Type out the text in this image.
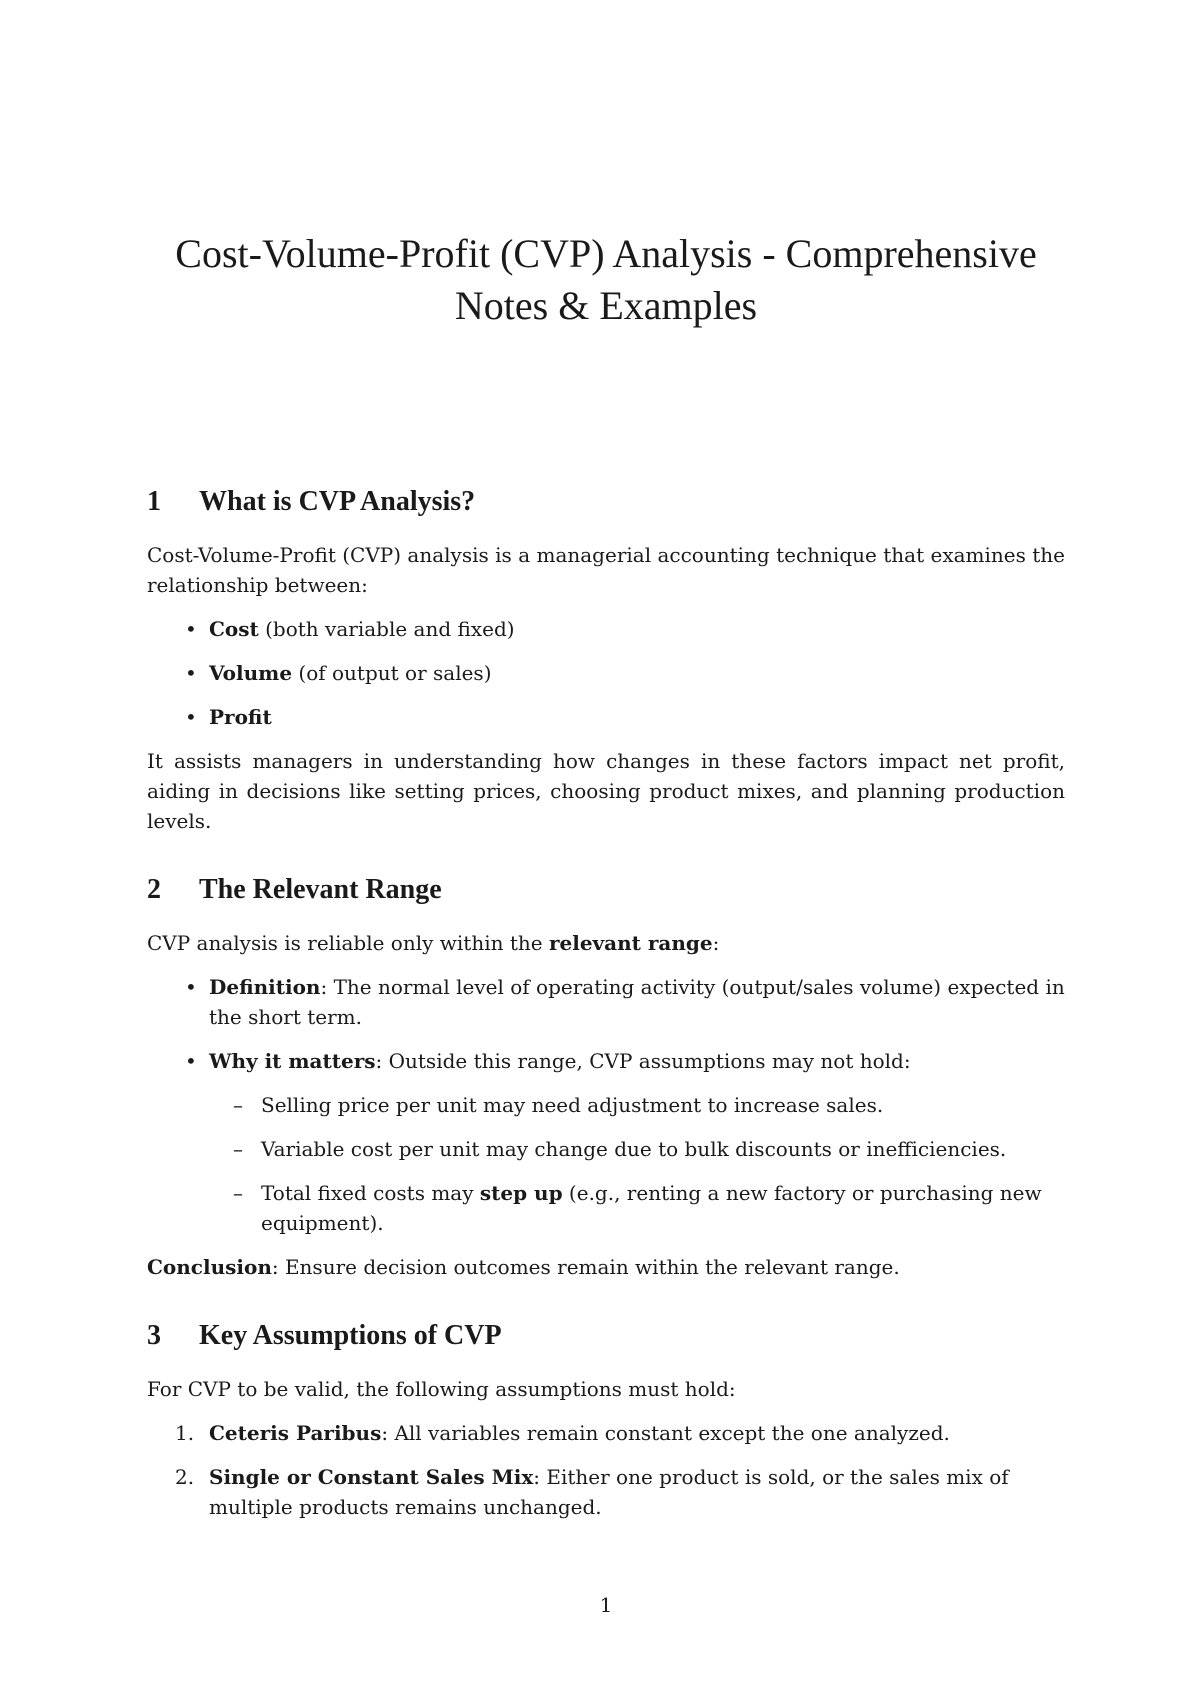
Cost-Volume-Profit (CVP) Analysis - Comprehensive Notes & Examples
1	What is CVP Analysis?

Cost-Volume-Profit (CVP) analysis is a managerial accounting technique that examines the relationship between:

• Cost (both variable and fixed)
• Volume (of output or sales)
• Profit

It assists managers in understanding how changes in these factors impact net profit, aiding in decisions like setting prices, choosing product mixes, and planning production levels.

2	The Relevant Range

CVP analysis is reliable only within the relevant range:

• Definition: The normal level of operating activity (output/sales volume) expected in the short term.
• Why it matters: Outside this range, CVP assumptions may not hold:
– Selling price per unit may need adjustment to increase sales.
– Variable cost per unit may change due to bulk discounts or inefficiencies.
– Total fixed costs may step up (e.g., renting a new factory or purchasing new equipment).

Conclusion: Ensure decision outcomes remain within the relevant range.

3	Key Assumptions of CVP

For CVP to be valid, the following assumptions must hold:

1. Ceteris Paribus: All variables remain constant except the one analyzed.
2. Single or Constant Sales Mix: Either one product is sold, or the sales mix of multiple products remains unchanged.
1
